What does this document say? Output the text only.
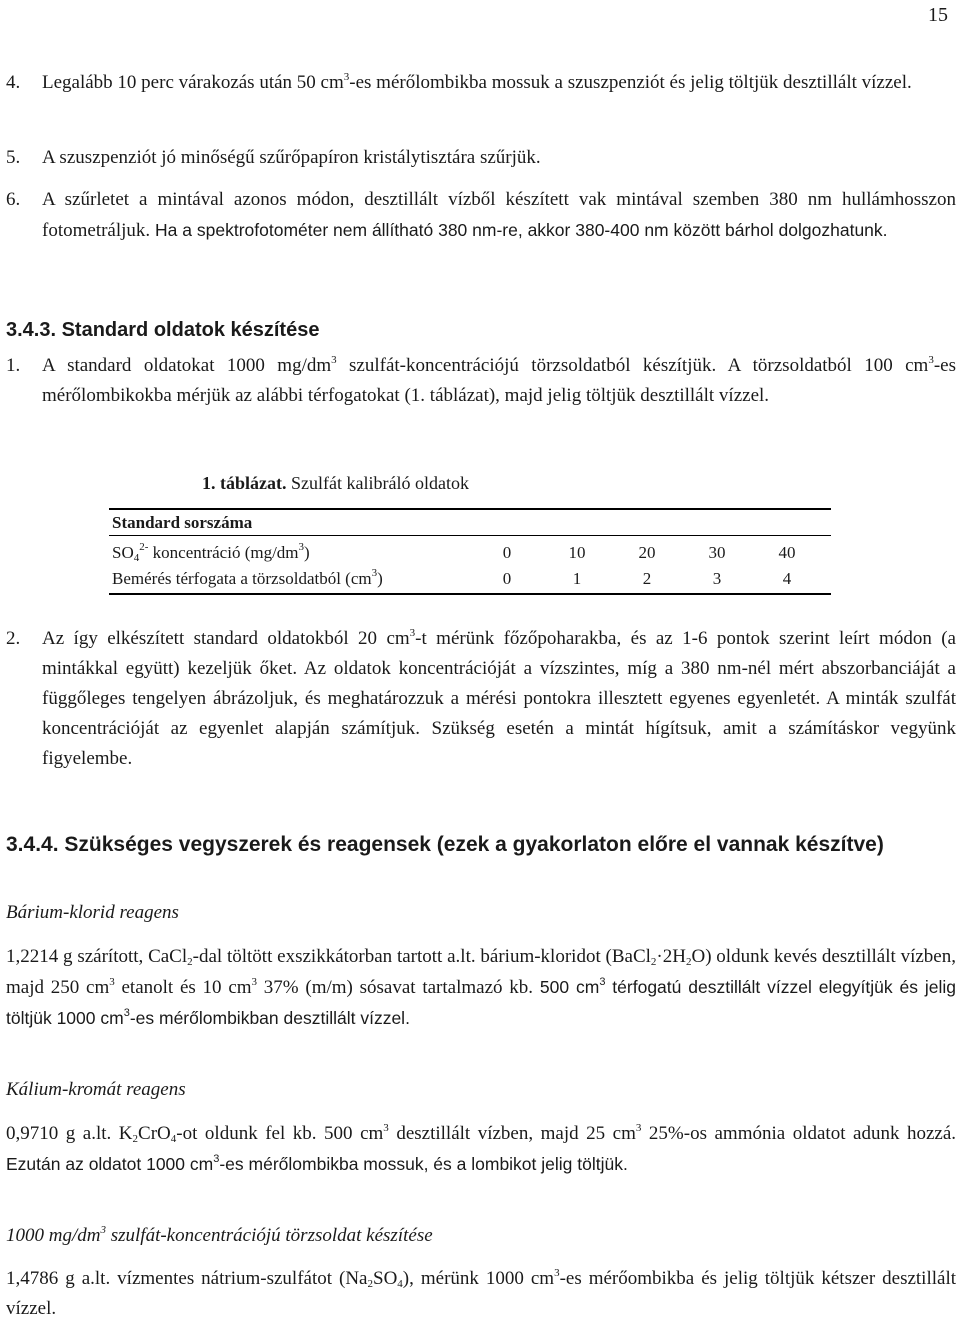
15
4.	Legalább 10 perc várakozás után 50 $cm^3-es$ mérőlombikba mossuk a szuszpenziót és jelig töltjük desztillált vízzel.
5.	A szuszpenziót jó minőségű szűrőpapíron kristálytisztára szűrjük.
6.	A szűrletet a mintával azonos módon, desztillált vízből készített vak mintával szemben 380 nm hullámhosszon fotometráljuk. Ha a spektrofotométer nem állítható 380 nm-re, akkor 380-400 nm között bárhol dolgozhatunk.
3.4.3. Standard oldatok készítése
1.	A standard oldatokat 1000 $mg/dm^3$ szulfát-koncentrációjú törzsoldatból készítjük. A törzsoldatból 100 $cm^3-es$ mérőlombikokba mérjük az alábbi térfogatokat (1. táblázat), majd jelig töltjük desztillált vízzel.
1. táblázat. Szulfát kalibráló oldatok
Standard sorszáma
$SO_4^{2-}$ koncentráció $(mg/dm^3)$	0	10	20	30	40
Bemérés térfogata a törzsoldatból $(cm^3)$	0	1	2	3	4
2.	Az így elkészített standard oldatokból 20 $cm^3-t$ mérünk főzőpoharakba, és az 1-6 pontok szerint leírt módon (a mintákkal együtt) kezeljük őket. Az oldatok koncentrációját a vízszintes, míg a 380 nm-nél mért abszorbanciáját a függőleges tengelyen ábrázoljuk, és meghatározzuk a mérési pontokra illesztett egyenes egyenletét. A minták szulfát koncentrációját az egyenlet alapján számítjuk. Szükség esetén a mintát hígítsuk, amit a számításkor vegyünk figyelembe.
3.4.4. Szükséges vegyszerek és reagensek (ezek a gyakorlaton előre el vannak készítve)
Bárium-klorid reagens
1,2214 g szárított, CaCl$_2$-dal töltött exszikkátorban tartott a.lt. bárium-kloridot $(BaCl_2\cdot 2H_2O)$ oldunk kevés desztillált vízben, majd 250 $cm^3$ etanolt és 10 $cm^3$ 37% (m/m) sósavat tartalmazó kb. 500 $cm^3$ térfogatú desztillált vízzel elegyítjük és jelig töltjük 1000 $cm^3-es$ mérőlombikban desztillált vízzel.
Kálium-kromát reagens
0,9710 g a.lt. $K_2CrO_4-ot$ oldunk fel kb. 500 $cm^3$ desztillált vízben, majd 25 $cm^3$ 25%-os ammónia oldatot adunk hozzá. Ezután az oldatot 1000 $cm^3-es$ mérőlombikba mossuk, és a lombikot jelig töltjük.
1000 $mg/dm^3$ szulfát-koncentrációjú törzsoldat készítése
1,4786 g a.lt. vízmentes nátrium-szulfátot $(Na_2SO_4)$, mérünk 1000 $cm^3-es$ mérőombikba és jelig töltjük kétszer desztillált vízzel.
